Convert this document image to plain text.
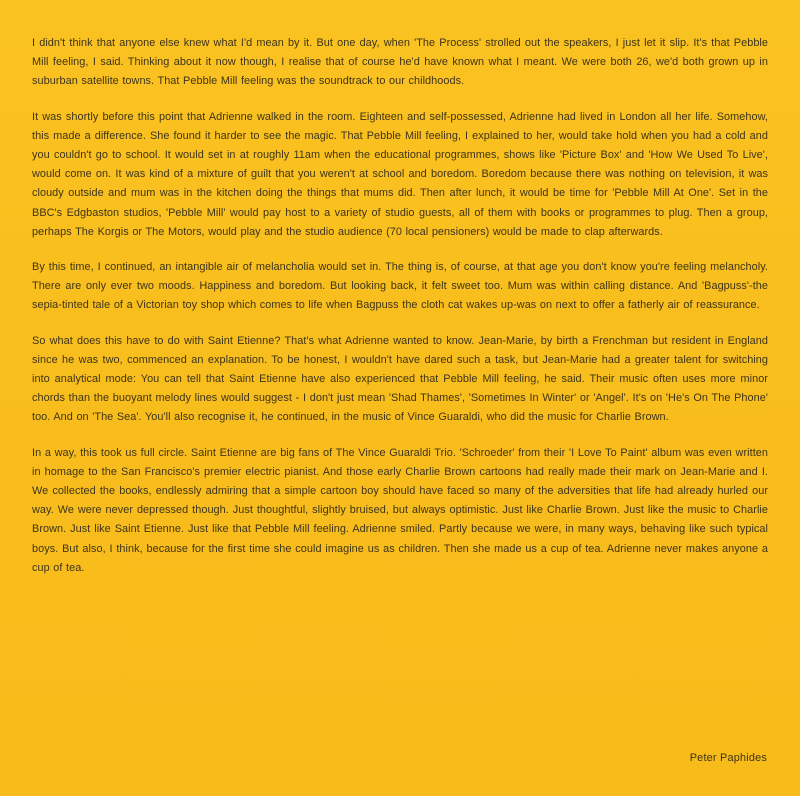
I didn't think that anyone else knew what I'd mean by it. But one day, when 'The Process' strolled out the speakers, I just let it slip. It's that Pebble Mill feeling, I said. Thinking about it now though, I realise that of course he'd have known what I meant. We were both 26, we'd both grown up in suburban satellite towns. That Pebble Mill feeling was the soundtrack to our childhoods.

It was shortly before this point that Adrienne walked in the room. Eighteen and self-possessed, Adrienne had lived in London all her life. Somehow, this made a difference. She found it harder to see the magic. That Pebble Mill feeling, I explained to her, would take hold when you had a cold and you couldn't go to school. It would set in at roughly 11am when the educational programmes, shows like 'Picture Box' and 'How We Used To Live', would come on. It was kind of a mixture of guilt that you weren't at school and boredom. Boredom because there was nothing on television, it was cloudy outside and mum was in the kitchen doing the things that mums did. Then after lunch, it would be time for 'Pebble Mill At One'. Set in the BBC's Edgbaston studios, 'Pebble Mill' would pay host to a variety of studio guests, all of them with books or programmes to plug. Then a group, perhaps The Korgis or The Motors, would play and the studio audience (70 local pensioners) would be made to clap afterwards.

By this time, I continued, an intangible air of melancholia would set in. The thing is, of course, at that age you don't know you're feeling melancholy. There are only ever two moods. Happiness and boredom. But looking back, it felt sweet too. Mum was within calling distance. And 'Bagpuss'-the sepia-tinted tale of a Victorian toy shop which comes to life when Bagpuss the cloth cat wakes up-was on next to offer a fatherly air of reassurance.

So what does this have to do with Saint Etienne? That's what Adrienne wanted to know. Jean-Marie, by birth a Frenchman but resident in England since he was two, commenced an explanation. To be honest, I wouldn't have dared such a task, but Jean-Marie had a greater talent for switching into analytical mode: You can tell that Saint Etienne have also experienced that Pebble Mill feeling, he said. Their music often uses more minor chords than the buoyant melody lines would suggest - I don't just mean 'Shad Thames', 'Sometimes In Winter' or 'Angel'. It's on 'He's On The Phone' too. And on 'The Sea'. You'll also recognise it, he continued, in the music of Vince Guaraldi, who did the music for Charlie Brown.

In a way, this took us full circle. Saint Etienne are big fans of The Vince Guaraldi Trio. 'Schroeder' from their 'I Love To Paint' album was even written in homage to the San Francisco's premier electric pianist. And those early Charlie Brown cartoons had really made their mark on Jean-Marie and I. We collected the books, endlessly admiring that a simple cartoon boy should have faced so many of the adversities that life had already hurled our way. We were never depressed though. Just thoughtful, slightly bruised, but always optimistic. Just like Charlie Brown. Just like the music to Charlie Brown. Just like Saint Etienne. Just like that Pebble Mill feeling. Adrienne smiled. Partly because we were, in many ways, behaving like such typical boys. But also, I think, because for the first time she could imagine us as children. Then she made us a cup of tea. Adrienne never makes anyone a cup of tea.

Peter Paphides
